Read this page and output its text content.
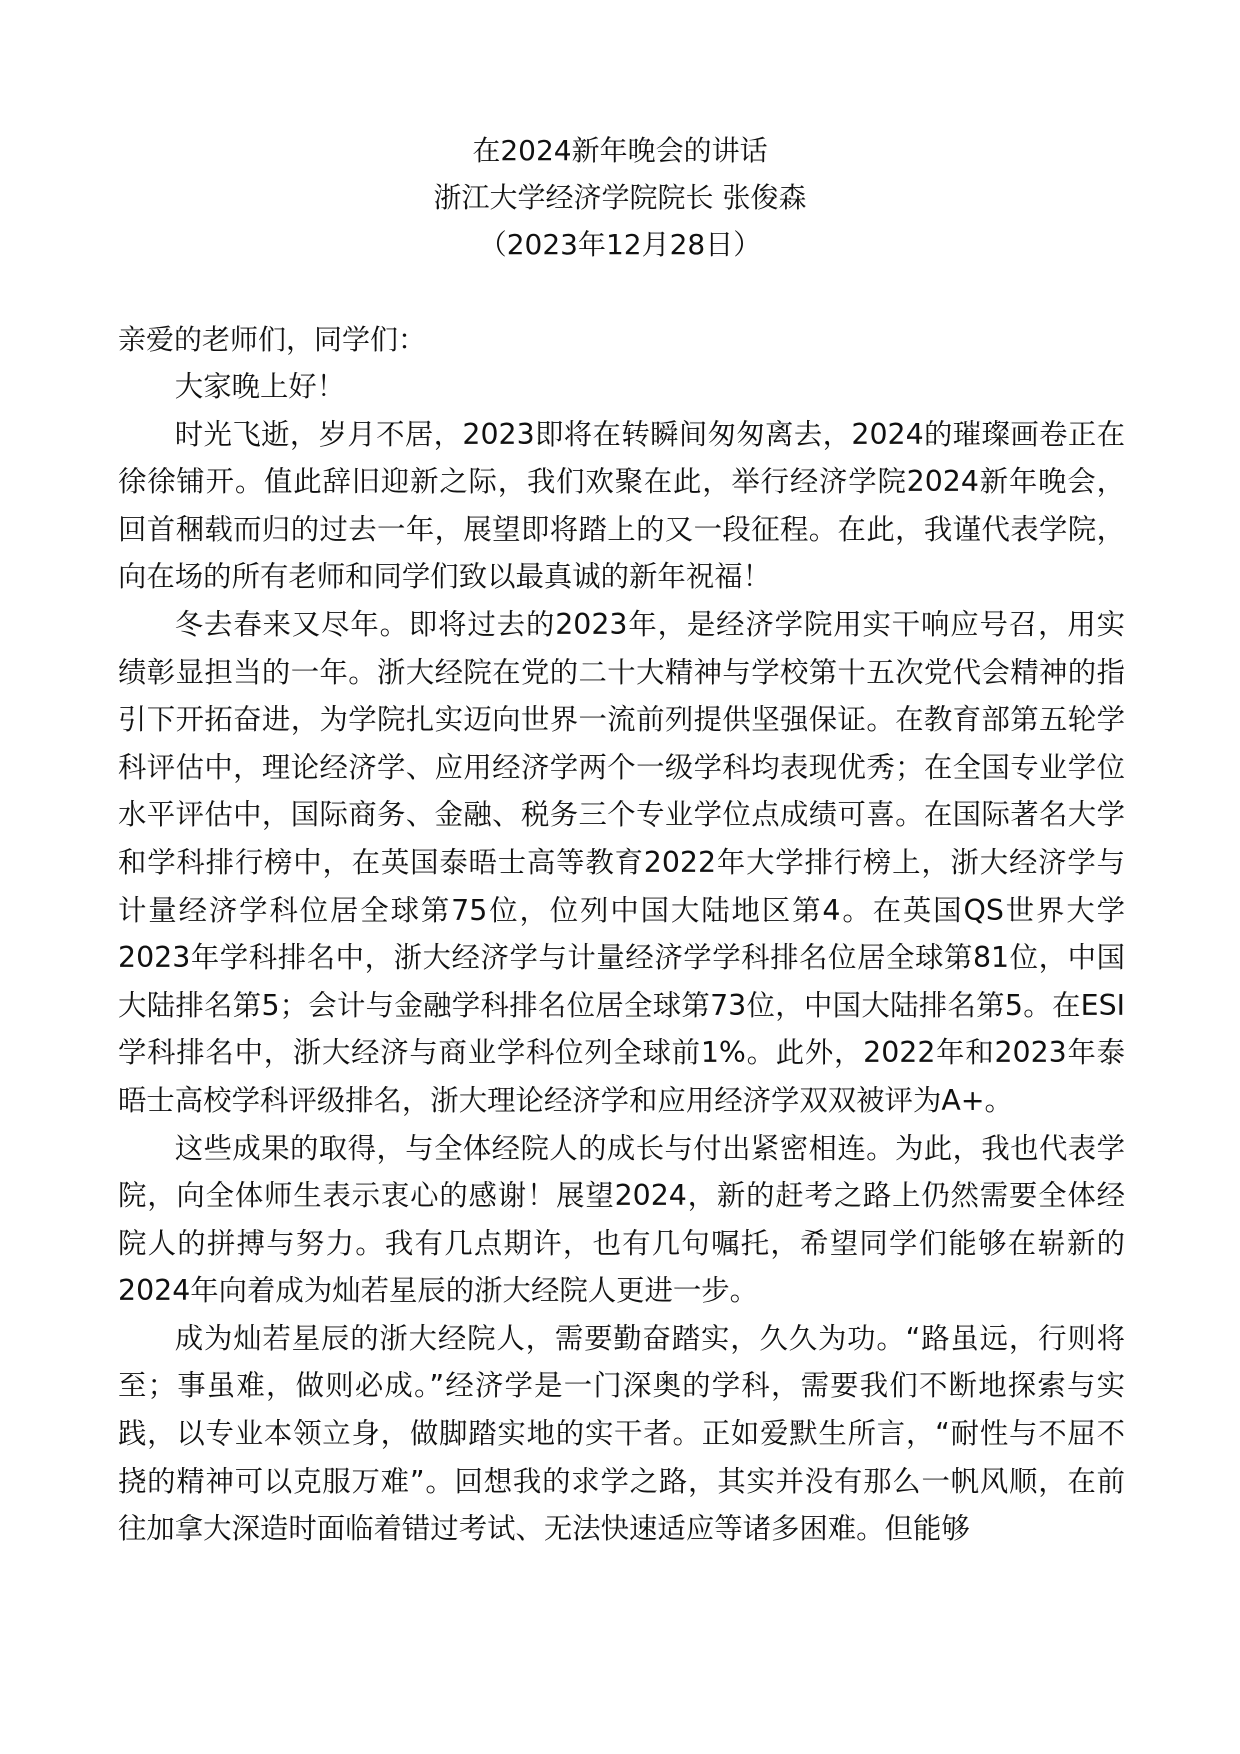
在2024新年晚会的讲话
浙江大学经济学院院长 张俊森
（2023年12月28日）
亲爱的老师们，同学们：

大家晚上好！

时光飞逝，岁月不居，2023即将在转瞬间匆匆离去，2024的璀璨画卷正在徐徐铺开。值此辞旧迎新之际，我们欢聚在此，举行经济学院2024新年晚会，回首稇载而归的过去一年，展望即将踏上的又一段征程。在此，我谨代表学院，向在场的所有老师和同学们致以最真诚的新年祝福！

冬去春来又尽年。即将过去的2023年，是经济学院用实干响应号召，用实绩彰显担当的一年。浙大经院在党的二十大精神与学校第十五次党代会精神的指引下开拓奋进，为学院扎实迈向世界一流前列提供坚强保证。在教育部第五轮学科评估中，理论经济学、应用经济学两个一级学科均表现优秀；在全国专业学位水平评估中，国际商务、金融、税务三个专业学位点成绩可喜。在国际著名大学和学科排行榜中，在英国泰晤士高等教育2022年大学排行榜上，浙大经济学与计量经济学科位居全球第75位，位列中国大陆地区第4。在英国QS世界大学2023年学科排名中，浙大经济学与计量经济学学科排名位居全球第81位，中国大陆排名第5；会计与金融学科排名位居全球第73位，中国大陆排名第5。在ESI学科排名中，浙大经济与商业学科位列全球前1%。此外，2022年和2023年泰晤士高校学科评级排名，浙大理论经济学和应用经济学双双被评为A+。

这些成果的取得，与全体经院人的成长与付出紧密相连。为此，我也代表学院，向全体师生表示衷心的感谢！展望2024，新的赶考之路上仍然需要全体经院人的拼搏与努力。我有几点期许，也有几句嘱托，希望同学们能够在崭新的2024年向着成为灿若星辰的浙大经院人更进一步。

成为灿若星辰的浙大经院人，需要勤奋踏实，久久为功。“路虽远，行则将至；事虽难，做则必成。”经济学是一门深奥的学科，需要我们不断地探索与实践，以专业本领立身，做脚踏实地的实干者。正如爱默生所言，“耐性与不屈不挠的精神可以克服万难”。回想我的求学之路，其实并没有那么一帆风顺，在前往加拿大深造时面临着错过考试、无法快速适应等诸多困难。但能够
